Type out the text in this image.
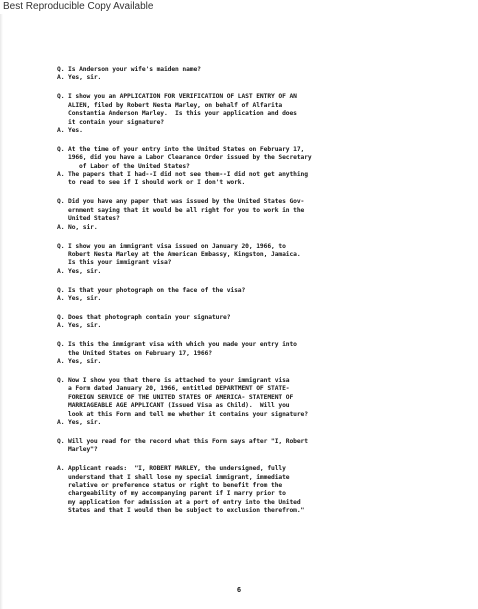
Best Reproducible Copy Available
Q. Is Anderson your wife's maiden name?
A. Yes, sir.
Q. I show you an APPLICATION FOR VERIFICATION OF LAST ENTRY OF AN
ALIEN, filed by Robert Nesta Marley, on behalf of Alfarita
Constantia Anderson Marley.  Is this your application and does
it contain your signature?
A. Yes.
Q. At the time of your entry into the United States on February 17,
1966, did you have a Labor Clearance Order issued by the Secretary
of Labor of the United States?
A. The papers that I had--I did not see them--I did not get anything
to read to see if I should work or I don't work.
Q. Did you have any paper that was issued by the United States Gov-
ernment saying that it would be all right for you to work in the
United States?
A. No, sir.
Q. I show you an immigrant visa issued on January 20, 1966, to
Robert Nesta Marley at the American Embassy, Kingston, Jamaica.
Is this your immigrant visa?
A. Yes, sir.
Q. Is that your photograph on the face of the visa?
A. Yes, sir.
Q. Does that photograph contain your signature?
A. Yes, sir.
Q. Is this the immigrant visa with which you made your entry into
the United States on February 17, 1966?
A. Yes, sir.
Q. Now I show you that there is attached to your immigrant visa
a Form dated January 20, 1966, entitled DEPARTMENT OF STATE-
FOREIGN SERVICE OF THE UNITED STATES OF AMERICA- STATEMENT OF
MARRIAGEABLE AGE APPLICANT (Issued Visa as Child).  Will you
look at this Form and tell me whether it contains your signature?
A. Yes, sir.
Q. Will you read for the record what this Form says after "I, Robert
Marley"?
A. Applicant reads:  "I, ROBERT MARLEY, the undersigned, fully
understand that I shall lose my special immigrant, immediate
relative or preference status or right to benefit from the
chargeability of my accompanying parent if I marry prior to
my application for admission at a port of entry into the United
States and that I would then be subject to exclusion therefrom."
6
